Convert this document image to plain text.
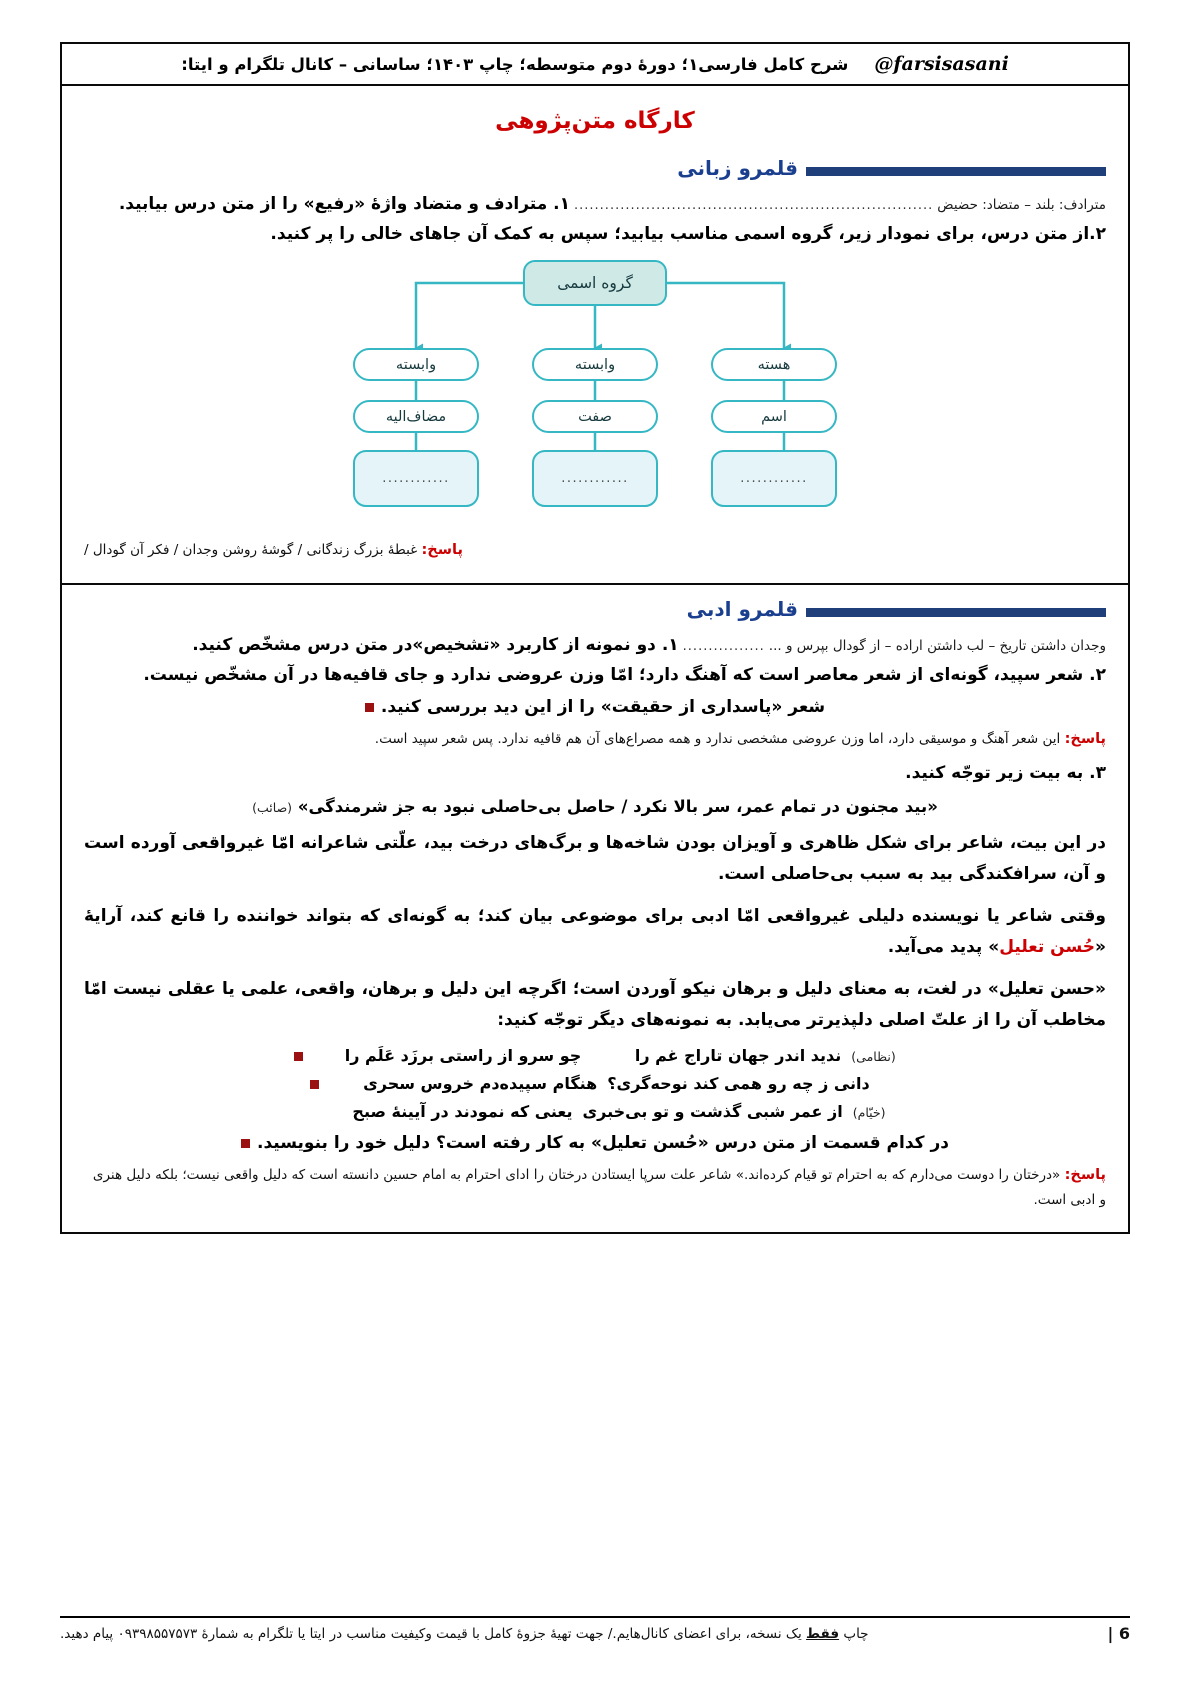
@farsisasani
شرح کامل فارسی۱؛ دورهٔ دوم متوسطه؛ چاپ ۱۴۰۳؛ ساسانی – کانال تلگرام و ایتا:
کارگاه متن‌پژوهی
قلمرو زبانی
مترادف: بلند – متضاد: حضیض
......................................................................
۱. مترادف و متضاد واژهٔ «رفیع» را از متن درس بیابید.
۲.از متن درس، برای نمودار زیر، گروه اسمی مناسب بیابید؛ سپس به کمک آن جاهای خالی را پر کنید.
گروه اسمی
هسته
اسم
............
وابسته
صفت
............
وابسته
مضاف‌الیه
............
پاسخ: غبطهٔ بزرگ زندگانی / گوشهٔ روشن وجدان / فکر آن گودال /
قلمرو ادبی
وجدان داشتن تاریخ – لب داشتن اراده – از گودال بپرس و ...
................
۱. دو نمونه از کاربرد «تشخیص»در متن درس مشخّص کنید.
۲. شعر سپید، گونه‌ای از شعر معاصر است که آهنگ دارد؛ امّا وزن عروضی ندارد و جای قافیه‌ها در آن مشخّص نیست.
شعر «پاسداری از حقیقت» را از این دید بررسی کنید.
پاسخ: این شعر آهنگ و موسیقی دارد، اما وزن عروضی مشخصی ندارد و همه مصراع‌های آن هم قافیه ندارد. پس شعر سپید است.
۳. به بیت زیر توجّه کنید.
«بید مجنون در تمام عمر، سر بالا نکرد / حاصل بی‌حاصلی نبود به جز شرمندگی» (صائب)
در این بیت، شاعر برای شکل ظاهری و آویزان بودن شاخه‌ها و برگ‌های درخت بید، علّتی شاعرانه امّا غیرواقعی آورده است و آن، سرافکندگی بید به سبب بی‌حاصلی است.
وقتی شاعر یا نویسنده دلیلی غیرواقعی امّا ادبی برای موضوعی بیان کند؛ به گونه‌ای که بتواند خواننده را قانع کند، آرایهٔ «حُسن تعلیل» پدید می‌آید.
«حسن تعلیل» در لغت، به معنای دلیل و برهان نیکو آوردن است؛ اگرچه این دلیل و برهان، واقعی، علمی یا عقلی نیست امّا مخاطب آن را از علتّ اصلی دلپذیرتر می‌یابد. به نمونه‌های دیگر توجّه کنید:
(نظامی)
ندید اندر جهان تاراج غم را
چو سرو از راستی برزَد عَلَم را
دانی ز چه رو همی کند نوحه‌گری؟
هنگام سپیده‌دم خروس سحری
(خیّام)
از عمر شبی گذشت و تو بی‌خبری
یعنی که نمودند در آیینهٔ صبح
در کدام قسمت از متن درس «حُسن تعلیل» به کار رفته است؟ دلیل خود را بنویسید.
پاسخ: «درختان را دوست می‌دارم که به احترام تو قیام کرده‌اند.» شاعر علت سرپا ایستادن درختان را ادای احترام به امام حسین دانسته است که دلیل واقعی نیست؛ بلکه دلیل هنری و ادبی است.
6 |
چاپ فقط یک نسخه، برای اعضای کانال‌هایم./ جهت تهیهٔ جزوهٔ کامل با قیمت وکیفیت مناسب در ایتا یا تلگرام به شمارهٔ ۰۹۳۹۸۵۵۷۵۷۳ پیام دهید.
